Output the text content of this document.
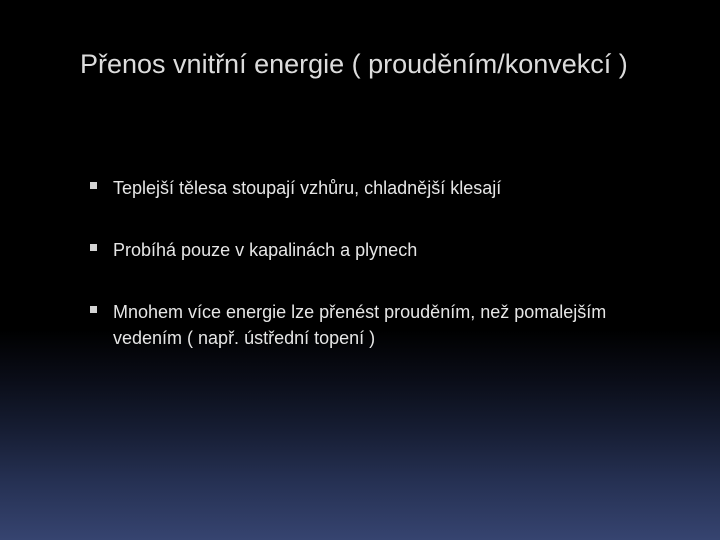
Přenos vnitřní energie ( prouděním/konvekcí )
Teplejší tělesa stoupají vzhůru, chladnější klesají
Probíhá pouze v kapalinách a plynech
Mnohem více energie lze přenést prouděním, než pomalejším vedením ( např. ústřední topení )
